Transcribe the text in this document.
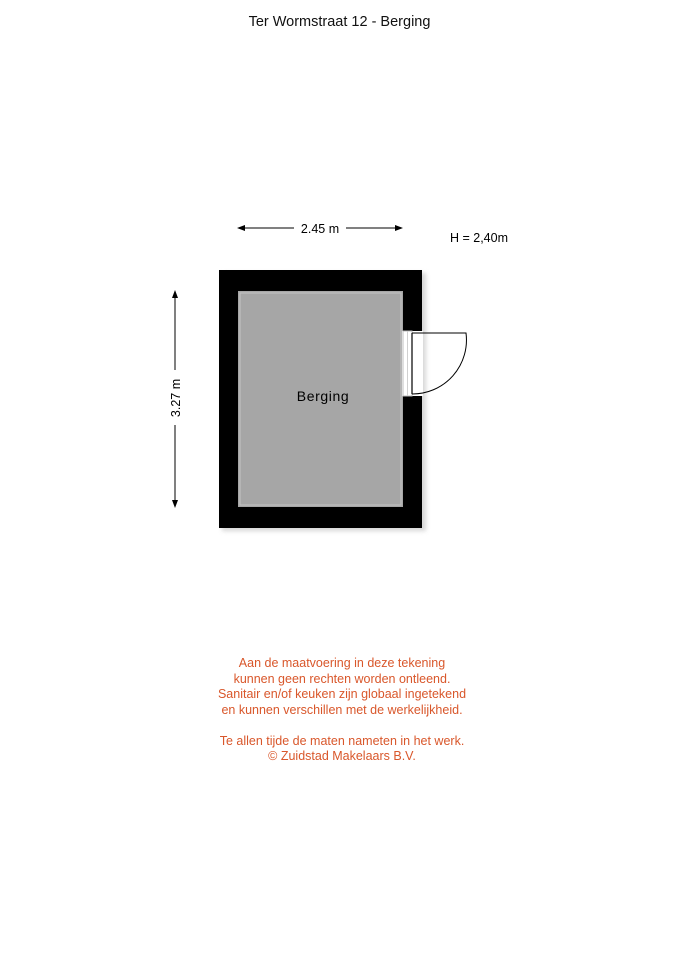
Ter Wormstraat 12 - Berging
2.45 m
H = 2,40m
3.27 m	Berging
Aan de maatvoering in deze tekening
kunnen geen rechten worden ontleend.
Sanitair en/of keuken zijn globaal ingetekend
en kunnen verschillen met de werkelijkheid.
Te allen tijde de maten nameten in het werk.
© Zuidstad Makelaars B.V.
